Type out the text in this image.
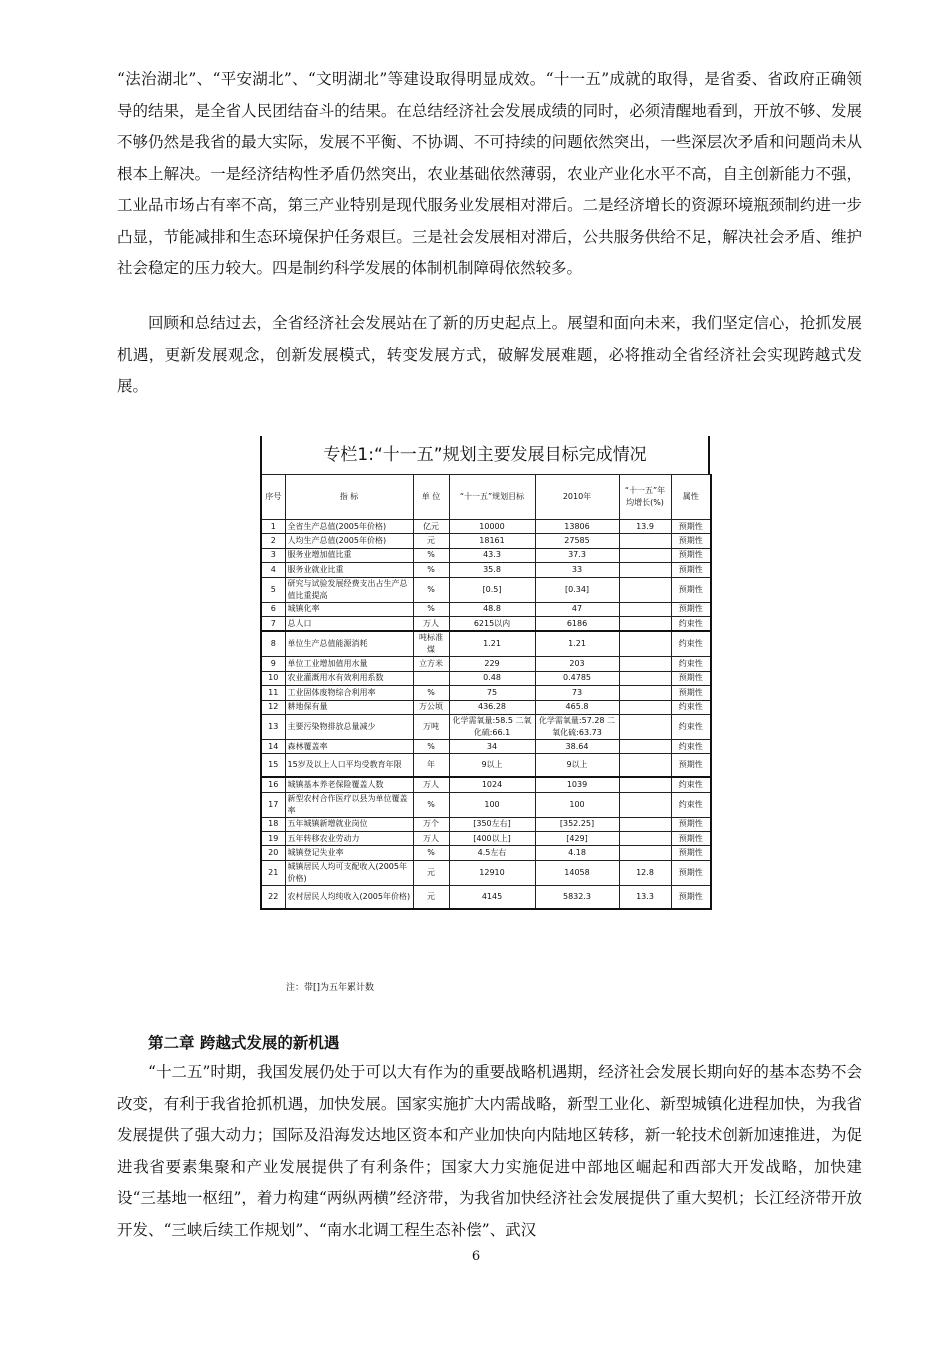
“法治湖北”、“平安湖北”、“文明湖北”等建设取得明显成效。“十一五”成就的取得，是省委、省政府正确领导的结果，是全省人民团结奋斗的结果。在总结经济社会发展成绩的同时，必须清醒地看到，开放不够、发展不够仍然是我省的最大实际，发展不平衡、不协调、不可持续的问题依然突出，一些深层次矛盾和问题尚未从根本上解决。一是经济结构性矛盾仍然突出，农业基础依然薄弱，农业产业化水平不高，自主创新能力不强，工业品市场占有率不高，第三产业特别是现代服务业发展相对滞后。二是经济增长的资源环境瓶颈制约进一步凸显，节能减排和生态环境保护任务艰巨。三是社会发展相对滞后，公共服务供给不足，解决社会矛盾、维护社会稳定的压力较大。四是制约科学发展的体制机制障碍依然较多。

回顾和总结过去，全省经济社会发展站在了新的历史起点上。展望和面向未来，我们坚定信心，抢抓发展机遇，更新发展观念，创新发展模式，转变发展方式，破解发展难题，必将推动全省经济社会实现跨越式发展。

专栏1:“十一五”规划主要发展目标完成情况
序号	指 标	单 位	“十一五”规划目标	2010年	“十一五”年均增长(%)	属性
1	全省生产总值(2005年价格)	亿元	10000	13806	13.9	预期性
2	人均生产总值(2005年价格)	元	18161	27585		预期性
3	服务业增加值比重	%	43.3	37.3		预期性
4	服务业就业比重	%	35.8	33		预期性
5	研究与试验发展经费支出占生产总值比重提高	%	[0.5]	[0.34]		预期性
6	城镇化率	%	48.8	47		预期性
7	总人口	万人	6215以内	6186		约束性
8	单位生产总值能源消耗	吨标准煤	1.21	1.21		约束性
9	单位工业增加值用水量	立方米	229	203		约束性
10	农业灌溉用水有效利用系数		0.48	0.4785		预期性
11	工业固体废物综合利用率	%	75	73		预期性
12	耕地保有量	万公顷	436.28	465.8		约束性
13	主要污染物排放总量减少	万吨	化学需氧量:58.5 二氧化硫:66.1	化学需氧量:57.28 二氧化硫:63.73		约束性
14	森林覆盖率	%	34	38.64		约束性
15	15岁及以上人口平均受教育年限	年	9以上	9以上		预期性
16	城镇基本养老保险覆盖人数	万人	1024	1039		约束性
17	新型农村合作医疗以县为单位覆盖率	%	100	100		约束性
18	五年城镇新增就业岗位	万个	[350左右]	[352.25]		预期性
19	五年转移农业劳动力	万人	[400以上]	[429]		预期性
20	城镇登记失业率	%	4.5左右	4.18		预期性
21	城镇居民人均可支配收入(2005年价格)	元	12910	14058	12.8	预期性
22	农村居民人均纯收入(2005年价格)	元	4145	5832.3	13.3	预期性
注：带[]为五年累计数
第二章 跨越式发展的新机遇

“十二五”时期，我国发展仍处于可以大有作为的重要战略机遇期，经济社会发展长期向好的基本态势不会改变，有利于我省抢抓机遇，加快发展。国家实施扩大内需战略，新型工业化、新型城镇化进程加快，为我省发展提供了强大动力；国际及沿海发达地区资本和产业加快向内陆地区转移，新一轮技术创新加速推进，为促进我省要素集聚和产业发展提供了有利条件；国家大力实施促进中部地区崛起和西部大开发战略，加快建设“三基地一枢纽”，着力构建“两纵两横”经济带，为我省加快经济社会发展提供了重大契机；长江经济带开放开发、“三峡后续工作规划”、“南水北调工程生态补偿”、武汉

6
